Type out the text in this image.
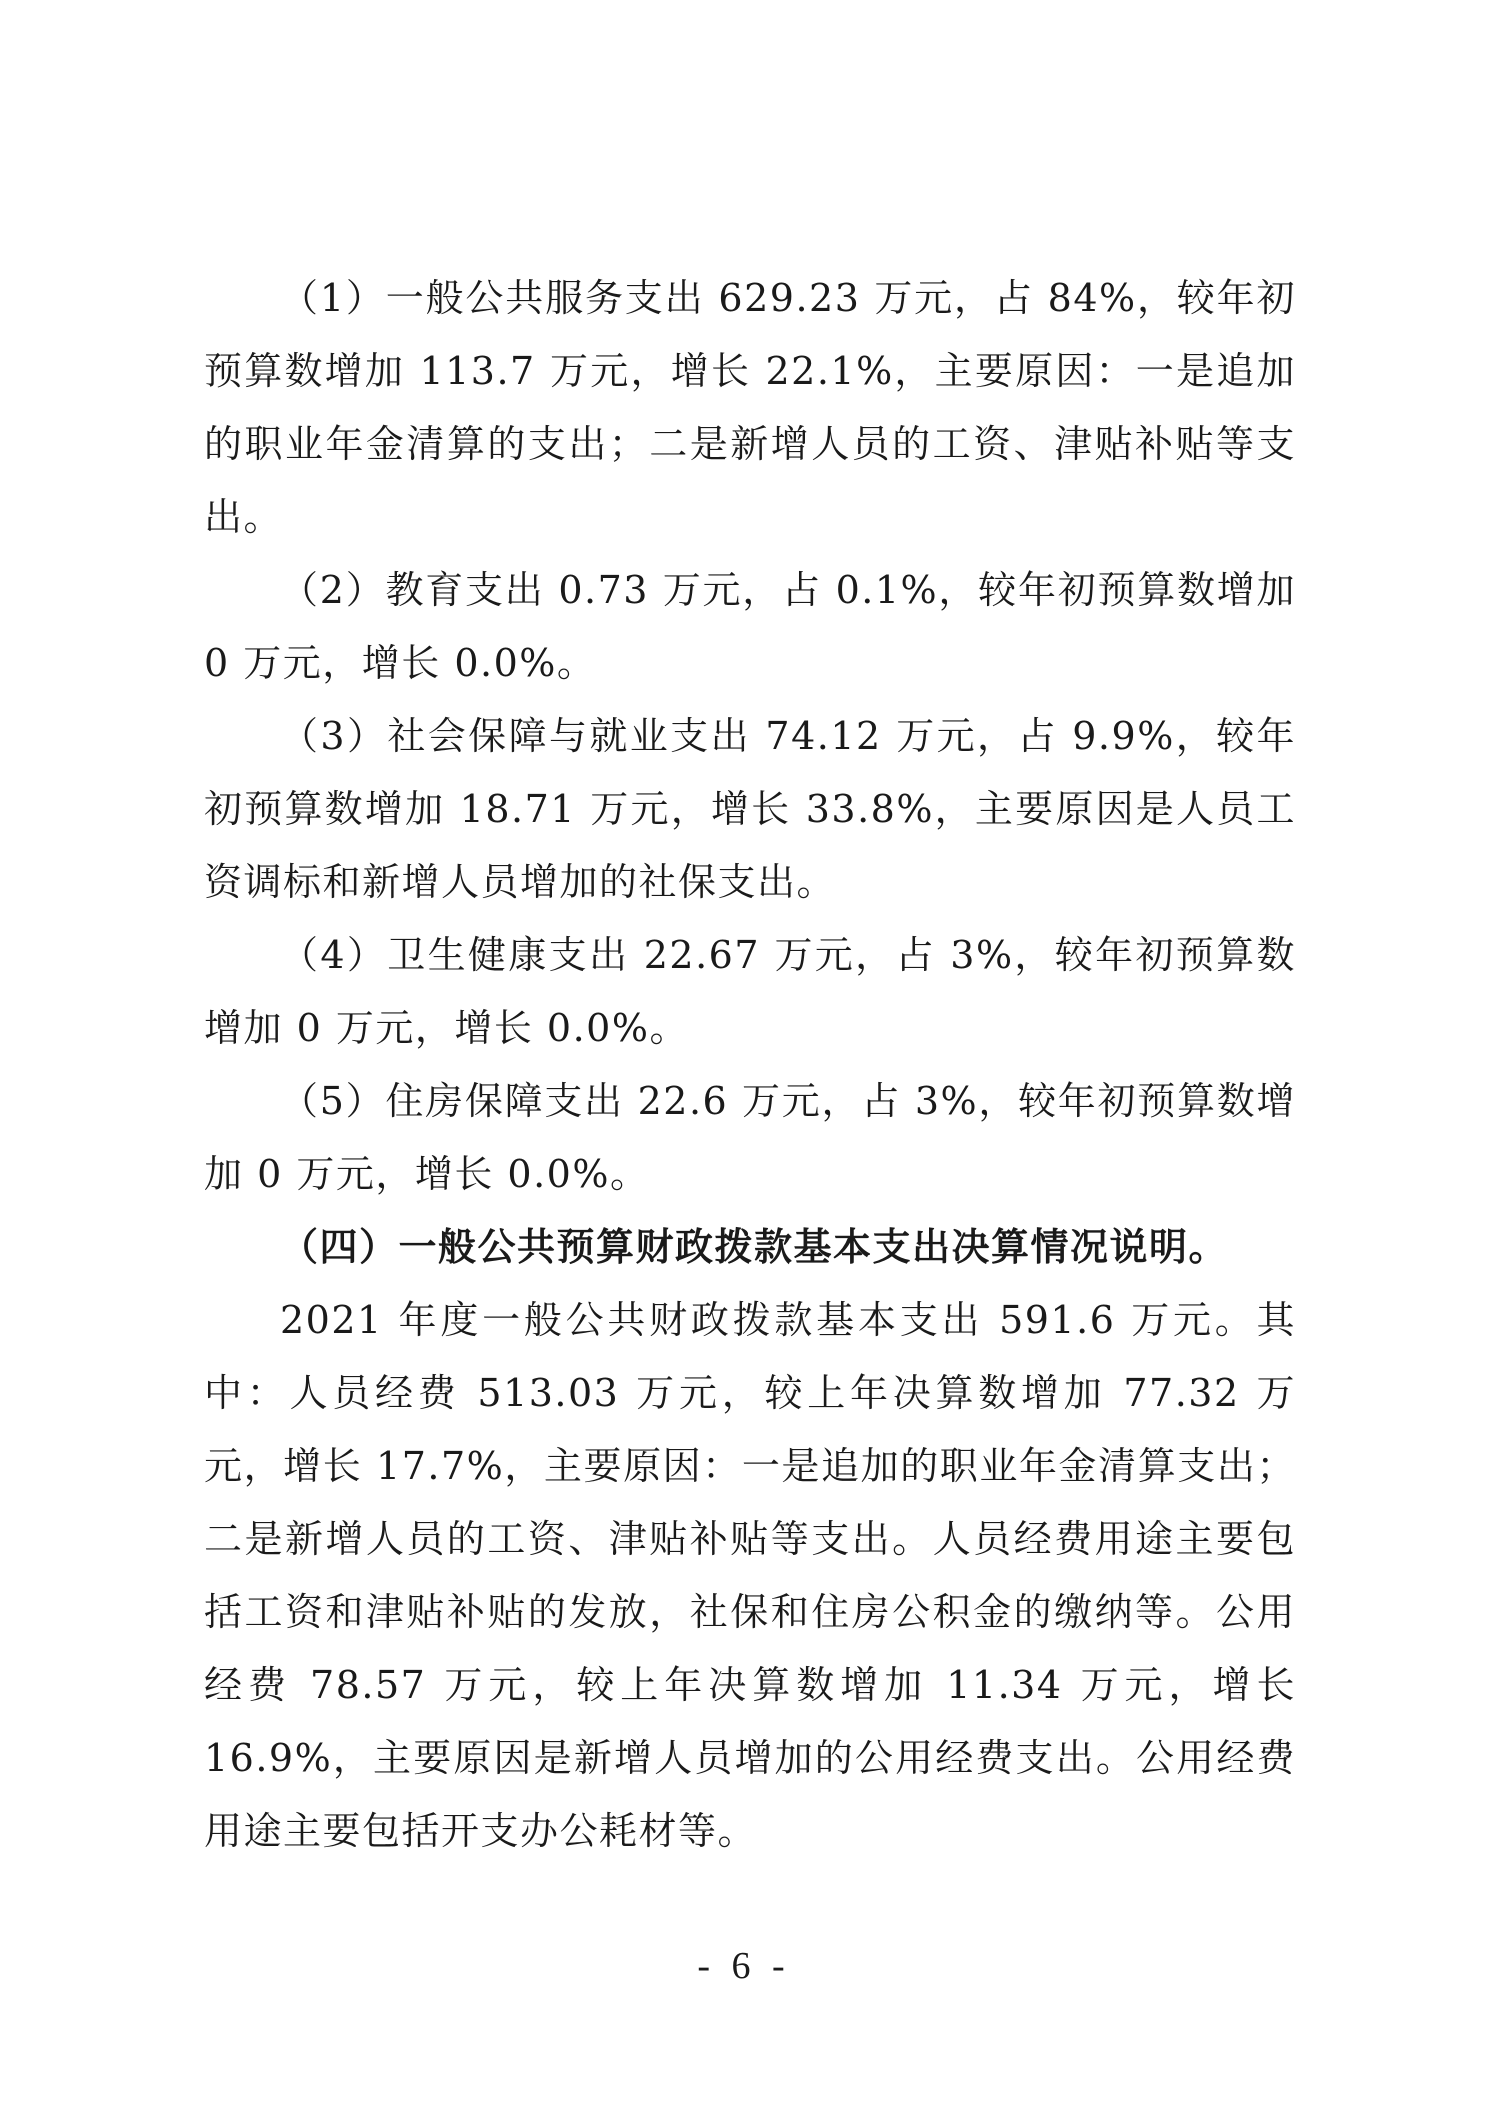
（1）一般公共服务支出 629.23 万元，占 84%，较年初预算数增加 113.7 万元，增长 22.1%，主要原因：一是追加的职业年金清算的支出；二是新增人员的工资、津贴补贴等支出。

（2）教育支出 0.73 万元，占 0.1%，较年初预算数增加 0 万元，增长 0.0%。

（3）社会保障与就业支出 74.12 万元，占 9.9%，较年初预算数增加 18.71 万元，增长 33.8%，主要原因是人员工资调标和新增人员增加的社保支出。

（4）卫生健康支出 22.67 万元，占 3%，较年初预算数增加 0 万元，增长 0.0%。

（5）住房保障支出 22.6 万元，占 3%，较年初预算数增加 0 万元，增长 0.0%。

（四）一般公共预算财政拨款基本支出决算情况说明。

2021 年度一般公共财政拨款基本支出 591.6 万元。其中：人员经费 513.03 万元，较上年决算数增加 77.32 万元，增长 17.7%，主要原因：一是追加的职业年金清算支出；二是新增人员的工资、津贴补贴等支出。人员经费用途主要包括工资和津贴补贴的发放，社保和住房公积金的缴纳等。公用经费 78.57 万元，较上年决算数增加 11.34 万元，增长 16.9%，主要原因是新增人员增加的公用经费支出。公用经费用途主要包括开支办公耗材等。

- 6 -
